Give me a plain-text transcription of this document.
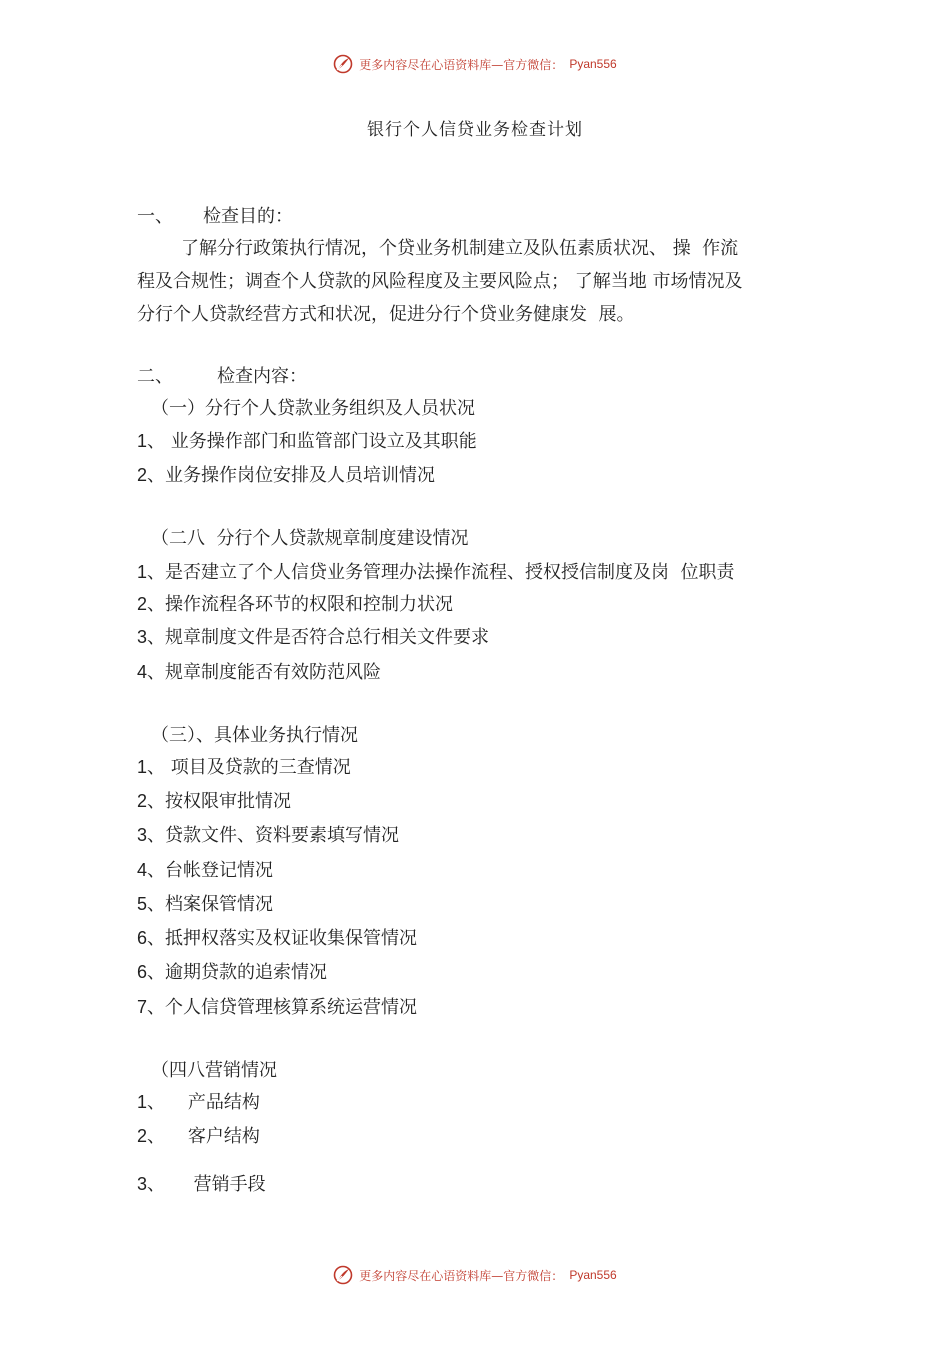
更多内容尽在心语资料库—官方微信： Pyan556
银行个人信贷业务检查计划
一、 检查目的：
了解分行政策执行情况，个贷业务机制建立及队伍素质状况、 操  作流
程及合规性；调查个人贷款的风险程度及主要风险点； 了解当地 市场情况及
分行个人贷款经营方式和状况，促进分行个贷业务健康发  展。
二、 检查内容：
（一）分行个人贷款业务组织及人员状况
1、 业务操作部门和监管部门设立及其职能
2、业务操作岗位安排及人员培训情况
（二八  分行个人贷款规章制度建设情况
1、是否建立了个人信贷业务管理办法操作流程、授权授信制度及岗  位职责
2、操作流程各环节的权限和控制力状况
3、规章制度文件是否符合总行相关文件要求
4、规章制度能否有效防范风险
（三）、具体业务执行情况
1、 项目及贷款的三查情况
2、按权限审批情况
3、贷款文件、资料要素填写情况
4、台帐登记情况
5、档案保管情况
6、抵押权落实及权证收集保管情况
6、逾期贷款的追索情况
7、个人信贷管理核算系统运营情况
（四八营销情况
1、    产品结构
2、    客户结构
3、     营销手段
更多内容尽在心语资料库—官方微信： Pyan556
